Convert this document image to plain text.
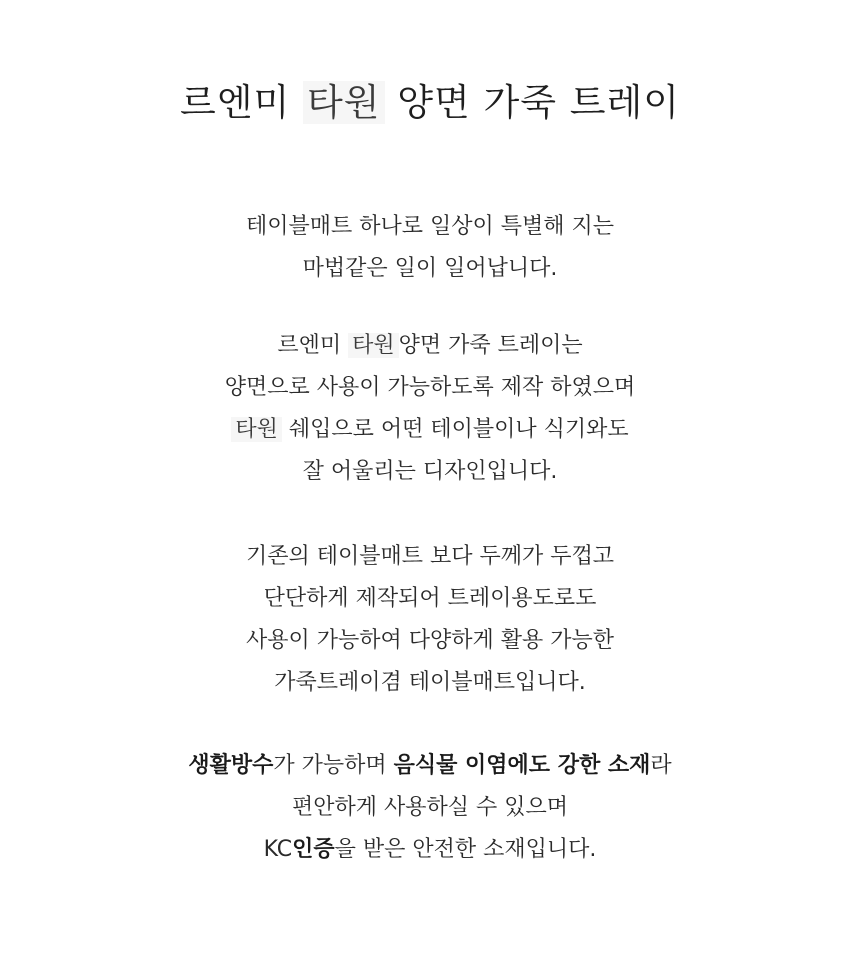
르엔미 타원 양면 가죽 트레이
테이블매트 하나로 일상이 특별해 지는
마법같은 일이 일어납니다.
르엔미 타원 양면 가죽 트레이는
양면으로 사용이 가능하도록 제작 하였으며
타원 쉐입으로 어떤 테이블이나 식기와도
잘 어울리는 디자인입니다.
기존의 테이블매트 보다 두께가 두껍고
단단하게 제작되어 트레이용도로도
사용이 가능하여 다양하게 활용 가능한
가죽트레이겸 테이블매트입니다.
생활방수가 가능하며 음식물 이염에도 강한 소재라
편안하게 사용하실 수 있으며
KC인증을 받은 안전한 소재입니다.
